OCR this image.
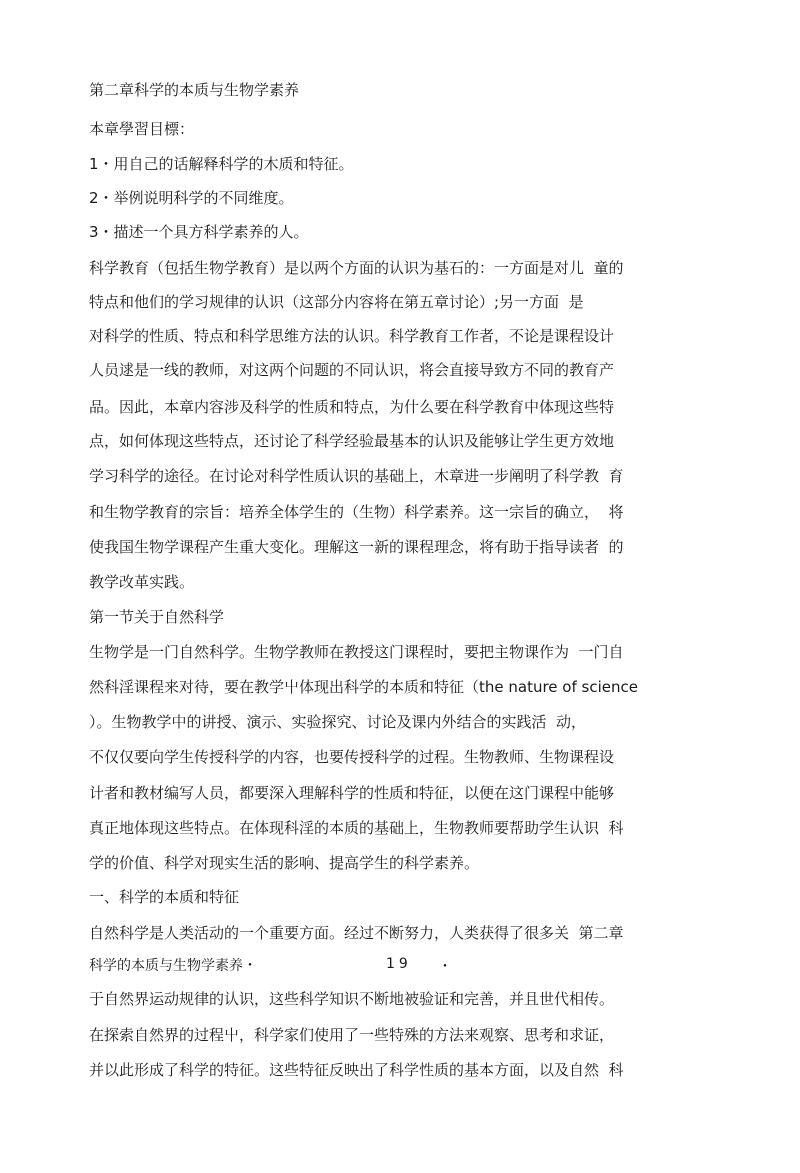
第二章科学的本质与生物学素养
本章學習目標：
1・用自己的话解释科学的木质和特征。
2・举例说明科学的不同维度。
3・描述一个具方科学素养的人。
科学教育（包括生物学教育）是以两个方面的认识为基石的：一方面是对儿  童的
特点和他们的学习规律的认识（这部分内容将在第五章讨论）;另一方面  是
对科学的性质、特点和科学思维方法的认识。科学教育工作者，不论是课程设计
人员逑是一线的教师，对这两个问题的不同认识，将会直接导致方不同的教育产
品。因此，本章内容涉及科学的性质和特点，为什么要在科学教育中体现这些特
点，如何体现这些特点，还讨论了科学经验最基本的认识及能够让学生更方效地
学习科学的途径。在讨论对科学性质认识的基础上，木章进一步阐明了科学教  育
和生物学教育的宗旨：培养全体学生的（生物）科学素养。这一宗旨的确立，  将
使我国生物学课程产生重大变化。理解这一新的课程理念，将有助于指导读者  的
教学改革实践。
第一节关于自然科学
生物学是一门自然科学。生物学教师在教授这门课程时，要把主物课作为  一门自
然科淫课程来对待，要在教学屮体现出科学的本质和特征（the nature of science
）。生物教学中的讲授、演示、实验探究、讨论及课内外结合的实践活  动，
不仅仅要向学生传授科学的内容，也要传授科学的过程。生物教师、生物课程设
计者和教材编写人员，都要深入理解科学的性质和特征，以便在这门课程中能够
真正地体现这些特点。在体现科淫的本质的基础上，生物教师要帮助学生认识  科
学的价值、科学对现实生活的影响、提高学生的科学素养。
一、科学的本质和特征
自然科学是人类活动的一个重要方面。经过不断努力，人类获得了很多关  第二章
科学的本质与生物学素养・	19 ・
于自然界运动规律的认识，这些科学知识不断地被验证和完善，并且世代相传。
在探索自然界的过程屮，科学家们使用了一些特殊的方法来观察、思考和求证，
并以此形成了科学的特征。这些特征反映出了科学性质的基本方面，以及自然  科
